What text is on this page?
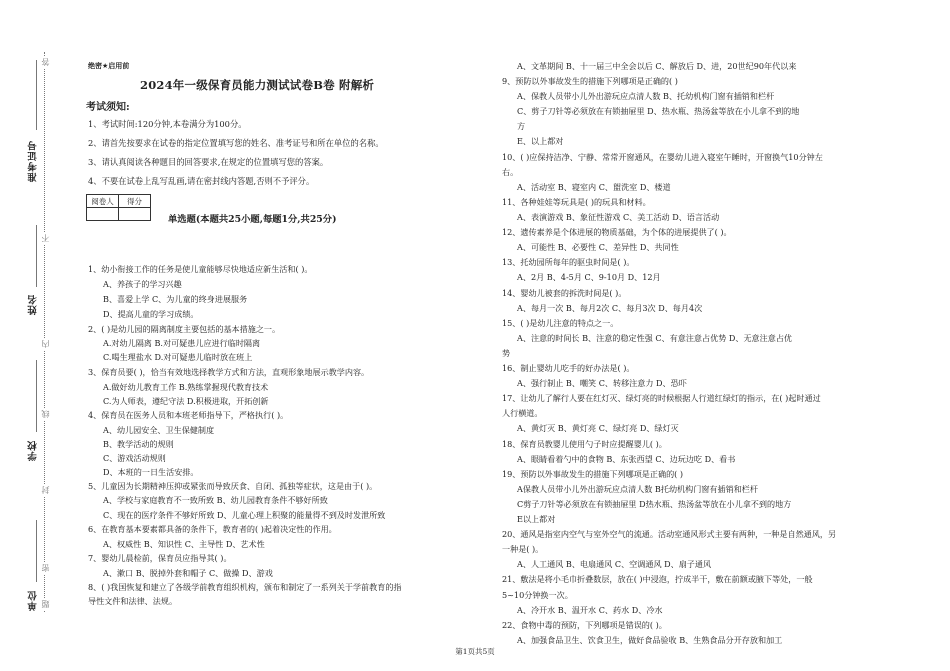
准考证号
姓名
学校
单位
答
不
内
线
封
密
題
绝密★启用前
2024年一级保育员能力测试试卷B卷 附解析
考试须知:
1、考试时间:120分钟,本卷满分为100分。
2、请首先按要求在试卷的指定位置填写您的姓名、准考证号和所在单位的名称。
3、请认真阅读各种题目的回答要求,在规定的位置填写您的答案。
4、不要在试卷上乱写乱画,请在密封线内答题,否则不予评分。
阅卷人	得分

单选题(本题共25小题,每题1分,共25分)
1、幼小衔接工作的任务是使儿童能够尽快地适应新生活和( )。
A、养孩子的学习兴趣
B、喜爱上学 C、为儿童的终身进展服务
D、提高儿童的学习成绩。
2、( )是幼儿园的隔离制度主要包括的基本措施之一。
A.对幼儿隔离 B.对可疑患儿应进行临时隔离
C.喝生理盐水 D.对可疑患儿临时放在班上
3、保育员要( )，恰当有效地选择教学方式和方法，直观形象地展示教学内容。
A.做好幼儿教育工作 B.熟练掌握现代教育技术
C.为人师表，遵纪守法 D.积极进取，开拓创新
4、保育员在医务人员和本班老师指导下，严格执行( )。
A、幼儿园安全、卫生保健制度
B、教学活动的规则
C、游戏活动规则
D、本班的一日生活安排。
5、儿童因为长期精神压抑或紧张而导致厌食、自闭、孤独等症状，这是由于( )。
A、学校与家庭教育不一致所致 B、幼儿园教育条件不够好所致
C、现在的医疗条件不够好所致 D、儿童心理上积聚的能量得不到及时发泄所致
6、在教育基本要素都具备的条件下，教育者的( )起着决定性的作用。
A、权威性 B、知识性 C、主导性 D、艺术性
7、婴幼儿晨检前，保育员应指导其( )。
A、漱口 B、脱掉外套和帽子 C、做操 D、游戏
8、( )我国恢复和建立了各级学前教育组织机构，颁布和制定了一系列关于学前教育的指
导性文件和法律、法规。
A、文革期间 B、十一届三中全会以后 C、解放后 D、进，20世纪90年代以来
9、预防以外事故发生的措施下列哪项是正确的( )
A、保教人员带小儿外出游玩应点清人数 B、托幼机构门窗有插销和栏杆
C、剪子刀针等必须放在有锁抽屉里 D、热水瓶、热汤盆等放在小儿拿不到的地
方
E、以上都对
10、( )应保持洁净、宁静、常常开窗通风，在婴幼儿进入寝室午睡时，开窗换气10分钟左
右。
A、活动室 B、寝室内 C、盥洗室 D、楼道
11、各种娃娃等玩具是( )的玩具和材料。
A、表演游戏 B、象征性游戏 C、美工活动 D、语言活动
12、遗传素养是个体进展的物质基础，为个体的进展提供了( )。
A、可能性 B、必要性 C、差异性 D、共同性
13、托幼园所每年的驱虫时间是( )。
A、2月 B、4-5月 C、9-10月 D、12月
14、婴幼儿被套的拆洗时间是( )。
A、每月一次 B、每月2次 C、每月3次 D、每月4次
15、( )是幼儿注意的特点之一。
A、注意的时间长 B、注意的稳定性强 C、有意注意占优势 D、无意注意占优
势
16、制止婴幼儿吃手的好办法是( )。
A、强行制止 B、嘲笑 C、转移注意力 D、恐吓
17、让幼儿了解行人要在红灯灭、绿灯亮的时候根据人行道红绿灯的指示，在( )起时通过
人行横道。
A、黄灯灭 B、黄灯亮 C、绿灯亮 D、绿灯灭
18、保育员教婴儿使用勺子时应提醒婴儿( )。
A、眼睛看着勺中的食物 B、东张西望 C、边玩边吃 D、看书
19、预防以外事故发生的措施下列哪项是正确的( )
A保教人员带小儿外出游玩应点清人数 B托幼机构门窗有插销和栏杆
C剪子刀针等必须放在有锁抽屉里 D热水瓶、热汤盆等放在小儿拿不到的地方
E以上都对
20、通风是指室内空气与室外空气的流通。活动室通风形式主要有两种，一种是自然通风，另
一种是( )。
A、人工通风 B、电扇通风 C、空调通风 D、扇子通风
21、敷法是将小毛巾折叠数层，放在( )中浸泡，拧成半干，敷在前额或腋下等处，一般
5~10分钟换一次。
A、冷开水 B、温开水 C、药水 D、冷水
22、食物中毒的预防，下列哪项是错误的( )。
A、加强食品卫生、饮食卫生，做好食品验收 B、生熟食品分开存放和加工
第1页共5页
